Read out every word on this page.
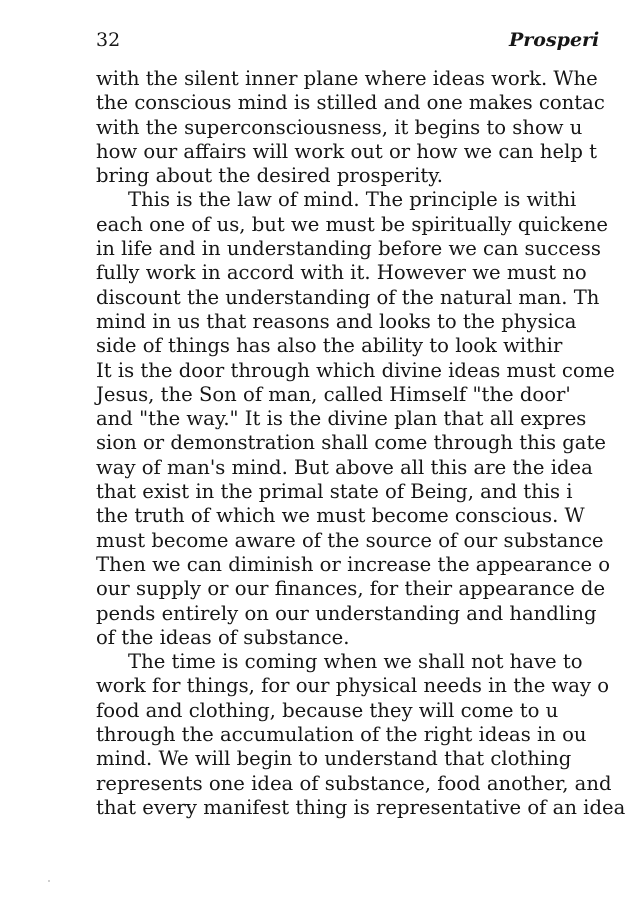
32	Prosperi
with the silent inner plane where ideas work. Whe
the conscious mind is stilled and one makes contac
with the superconsciousness, it begins to show u
how our affairs will work out or how we can help t
bring about the desired prosperity.
This is the law of mind. The principle is withi
each one of us, but we must be spiritually quickene
in life and in understanding before we can success
fully work in accord with it. However we must no
discount the understanding of the natural man. Th
mind in us that reasons and looks to the physica
side of things has also the ability to look withir
It is the door through which divine ideas must come
Jesus, the Son of man, called Himself "the door'
and "the way." It is the divine plan that all expres
sion or demonstration shall come through this gate
way of man's mind. But above all this are the idea
that exist in the primal state of Being, and this i
the truth of which we must become conscious. W
must become aware of the source of our substance
Then we can diminish or increase the appearance o
our supply or our finances, for their appearance de
pends entirely on our understanding and handling
of the ideas of substance.
The time is coming when we shall not have to
work for things, for our physical needs in the way o
food and clothing, because they will come to u
through the accumulation of the right ideas in ou
mind. We will begin to understand that clothing
represents one idea of substance, food another, and
that every manifest thing is representative of an idea
